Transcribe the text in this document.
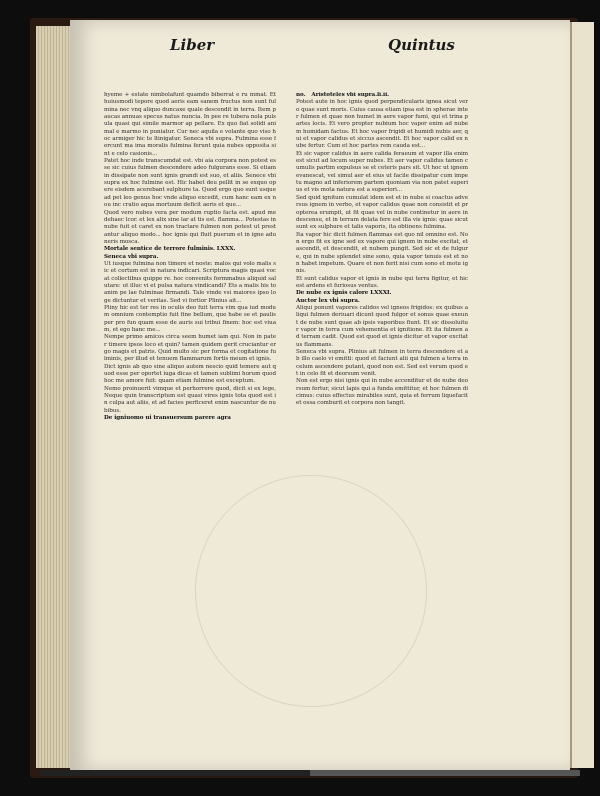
Liber	Quintus

hyeme + estate nimbolafunt quamdo biberrat e ru mmat. Et huiusmodi tepore quod aeris eam sanem fructus non sunt fulmina nec vnq aliquo duncaxe quale descendit in terra. Item paucas annuas specus natus nuncia. In pee re tubera nola pulsula quasi qui simile marmor ap pellare. Ex quo fiat solidi animal e marmo in puniatur. Cur nec aquila e volante quo viso hoc armiger hic te ltinigatur. Seneca vbi supra. Fulmina esse fercunt ma ima moralis fulmina ferunt quia nubes opposita sint e celo casionis...

Patet hoc inde transcumdat est. vbi aia corpora non potest esse sic cuius fulmen descendere adeo fulgurans esse. Si etiam in dissipate non sunt ignis grandi est suo, et aliis. Senece vbi supra ex hoc fulmine est. Hic habet deu pellit in se exquo opere eisdem acerebant sulphure ta. Quod ergo quo sunt usque ad pet leo genus hoc vnde aliquo excedit, cum hanc eam ex nou inc cratio aqua mortuum deficit aeris et que...

Quod vero nubes vera per modum ruptio facta est. apud me dehaec lcor. et lex alix sine lar at tis est. flamma... Potestas in nube fuit et caret ex non tractare fulmen non potest ut prestantur aliquo modo... hoc ignis qui fluit puerum et in igne aduneris mosca.

Mortale sentice de terrore fulminis. LXXX.

Seneca vbi supra.

Ut iusque fulmina non timere et noste: malos qui volo malis sic et certum est in natura indicari. Scriptura magis quasi vocat collectibus quippe re. hoc convenits formmabus aliquid salutare: ut illuc vi et pulsa natura vindicandi? Ets a malis his to anim pe lae fulminae firmandi. Tale vinde vsi maiores ipso loge dictuntur et veritas. Sed vi fortior Plinius ait...

Pliny hic est ter res in oculis deo fuit terra vim qua iud modum omnium contemptio fuit fine bellum, que habe se et paulisper pro fun quam esse de auris sui tribui finem: hoc est viuam, et ego hanc me...

Nempe primo amicos circa seem humet iam qui. Non in pater timere ipsos loco et quin? tamen quidem gerit cruciantur ergo magis et patris. Quid multo sic per forma et cogitatione fulminis, per illud et tenuem flammarum fortis meum et ignis.

Dict ignis ab quo sine aliquo autem nescio quid temere aut quod esse per oportet iuga dicas et tamen sublimi horum quod hoc me amore fuit: quam etiam fulmine est exceptum.

Nemo proinuerit vimque et perhorrere quod, dicit si ex lege, Neque quin transcriptum est quasi vires ignis tota quod est in culpa aut aliis, et ad facies perficeret enim nascuntur de nubibus.

De igniuomo ui transuersum parere agra

no. Aristoteles vbi supra.li.ii.

Potest aute in hoc ignis quod perpendicularis ignea sicut vero quae sunt moris. Cuius causa etiam ipsa est in spherae inter fulmen et quae non humet in aere vapor fumi, qui et trina partes locis. Et vero propter nubium hoc vapor enim ad nubem humidam factus. Et hoc vapor frigidi et humidi nubis aer, qui et vapor calidus et siccus ascendit. Et hoc vapor calid ex nube fertur. Cum et hoc partes rem cauda est...

Et sic vapor calidus in aere calida feraeum et vapor illa enim est sicut ad locum super nubes. Et aer vapor calidus tamen cumulis partim expulsus se et ceteris pars sit. Ut hoc ut ignem evanescat, vel simul aer et eius ut facile dissipatur cum impetu magno ad inferiorem partem quoniam via non patet superius et vis mota natura est a superiori...

Sed quid ignitum cumulat idem est et in nube si coactus adversus ignem in verbo, et vapor calidus quae non consistit et propterea erumpit, ut fit quae vel in nube continetur in aere in descensu, et in terram delata fere est illa vis ignis: quae sicut sunt ex sulphure et talis vaporis, ita obtinens fulmina.

Ita vapor hic dicit fulmen flammas est quo nil omnino est. Non ergo fit ex igne sed ex vapore qui ignem in nube excitat, et ascendit, et descendit, et nubem pungit. Sed sic et de fulgure, qui in nube splendet sine sono, quia vapor tenuis est et non habet impetum. Quare et non ferit nisi cum sono et motu ignis.

Et sunt calidus vapor et ignis in nube qui terra figitur, et hic est ardens et furiosus ventus.

De nube ex ignis calore LXXXI.

Auctor lex vbi supra.

Aliqui ponunt vapores calidos vel igneos frigidos: ex quibus aliqui fulmen deriuari dicunt quod fulgor et sonus quae exeunt de nube sunt quae ab ipsis vaporibus fiunt. Et sic dissoluitur vapor in terra cum vehementia et ignitione. Et ita fulmen ad terram cadit. Quod est quod et ignis dicitur et vapor excitatus flammans.

Seneca vbi supra. Plinius ait fulmen in terra descendere et ab illo caelo vi emitti: quod et faciunt alii qui fulmen a terra in celum ascendere putant, quod non est. Sed est verum quod et in celo fit et deorsum venit.

Non est ergo nisi ignis qui in nube accenditur et de nube deorsum fertur, sicut lapis qui a funda emittitur, et hoc fulmen dicimus: cuius effectus mirabiles sunt, quia et ferrum liquefacit et ossa comburit et corpora non tangit.
